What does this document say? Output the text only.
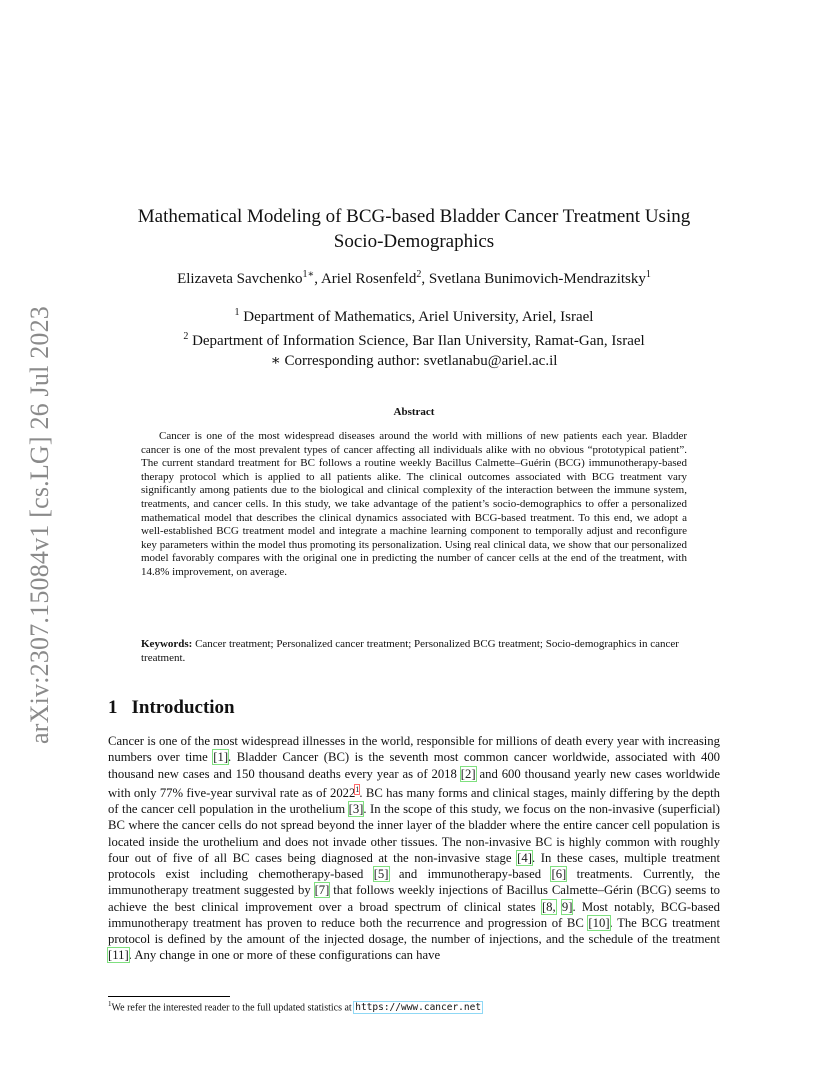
arXiv:2307.15084v1 [cs.LG] 26 Jul 2023
Mathematical Modeling of BCG-based Bladder Cancer Treatment Using
Socio-Demographics
Elizaveta Savchenko$^{1∗}$, Ariel Rosenfeld$^2$, Svetlana Bunimovich-Mendrazitsky$^1$
$^1$ Department of Mathematics, Ariel University, Ariel, Israel
$^2$ Department of Information Science, Bar Ilan University, Ramat-Gan, Israel
∗ Corresponding author: svetlanabu@ariel.ac.il
Abstract

Cancer is one of the most widespread diseases around the world with millions of new patients each year. Bladder cancer is one of the most prevalent types of cancer affecting all individuals alike with no obvious “prototypical patient”. The current standard treatment for BC follows a routine weekly Bacillus Calmette–Guérin (BCG) immunotherapy-based therapy protocol which is applied to all patients alike. The clinical outcomes associated with BCG treatment vary significantly among patients due to the biological and clinical complexity of the interaction between the immune system, treatments, and cancer cells. In this study, we take advantage of the patient’s socio-demographics to offer a personalized mathematical model that describes the clinical dynamics associated with BCG-based treatment. To this end, we adopt a well-established BCG treatment model and integrate a machine learning component to temporally adjust and reconfigure key parameters within the model thus promoting its personalization. Using real clinical data, we show that our personalized model favorably compares with the original one in predicting the number of cancer cells at the end of the treatment, with 14.8% improvement, on average.

Keywords: Cancer treatment; Personalized cancer treatment; Personalized BCG treatment; Socio-demographics in cancer treatment.

1 Introduction

Cancer is one of the most widespread illnesses in the world, responsible for millions of death every year with increasing numbers over time [1]. Bladder Cancer (BC) is the seventh most common cancer worldwide, associated with 400 thousand new cases and 150 thousand deaths every year as of 2018 [2] and 600 thousand yearly new cases worldwide with only 77% five-year survival rate as of 2022$^1$. BC has many forms and clinical stages, mainly differing by the depth of the cancer cell population in the urothelium [3]. In the scope of this study, we focus on the non-invasive (superficial) BC where the cancer cells do not spread beyond the inner layer of the bladder where the entire cancer cell population is located inside the urothelium and does not invade other tissues. The non-invasive BC is highly common with roughly four out of five of all BC cases being diagnosed at the non-invasive stage [4]. In these cases, multiple treatment protocols exist including chemotherapy-based [5] and immunotherapy-based [6] treatments. Currently, the immunotherapy treatment suggested by [7] that follows weekly injections of Bacillus Calmette–Gérin (BCG) seems to achieve the best clinical improvement over a broad spectrum of clinical states [8, 9]. Most notably, BCG-based immunotherapy treatment has proven to reduce both the recurrence and progression of BC [10]. The BCG treatment protocol is defined by the amount of the injected dosage, the number of injections, and the schedule of the treatment [11]. Any change in one or more of these configurations can have

$^1$We refer the interested reader to the full updated statistics at https://www.cancer.net
